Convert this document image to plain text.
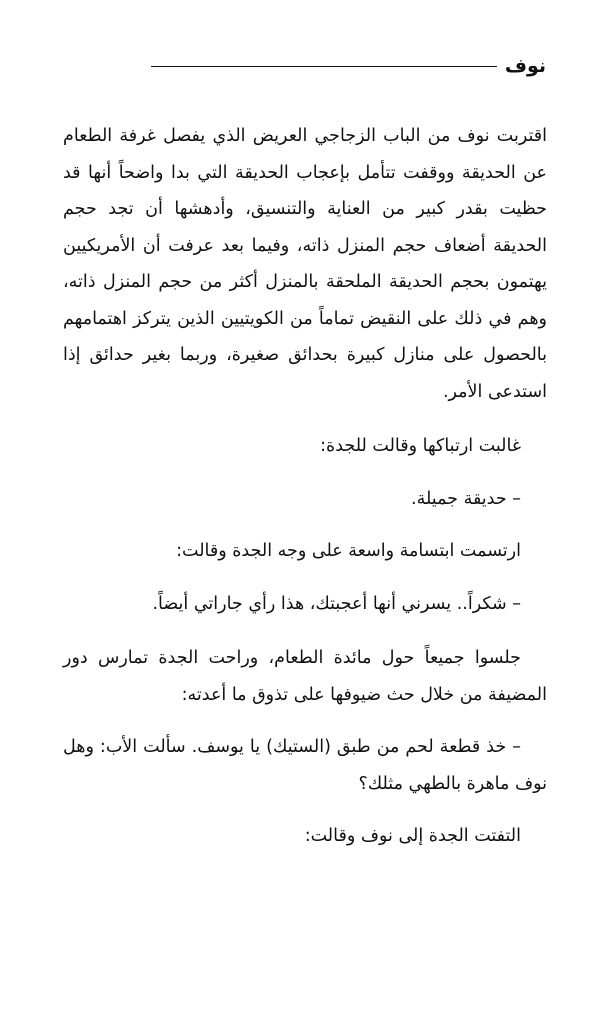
نوف

اقتربت نوف من الباب الزجاجي العريض الذي يفصل غرفة الطعام عن الحديقة ووقفت تتأمل بإعجاب الحديقة التي بدا واضحاً أنها قد حظيت بقدر كبير من العناية والتنسيق، وأدهشها أن تجد حجم الحديقة أضعاف حجم المنزل ذاته، وفيما بعد عرفت أن الأمريكيين يهتمون بحجم الحديقة الملحقة بالمنزل أكثر من حجم المنزل ذاته، وهم في ذلك على النقيض تماماً من الكويتيين الذين يتركز اهتمامهم بالحصول على منازل كبيرة بحدائق صغيرة، وربما بغير حدائق إذا استدعى الأمر.

غالبت ارتباكها وقالت للجدة:

– حديقة جميلة.

ارتسمت ابتسامة واسعة على وجه الجدة وقالت:

– شكراً.. يسرني أنها أعجبتك، هذا رأي جاراتي أيضاً.

جلسوا جميعاً حول مائدة الطعام، وراحت الجدة تمارس دور المضيفة من خلال حث ضيوفها على تذوق ما أعدته:

– خذ قطعة لحم من طبق (الستيك) يا يوسف. سألت الأب: وهل نوف ماهرة بالطهي مثلك؟

التفتت الجدة إلى نوف وقالت:
